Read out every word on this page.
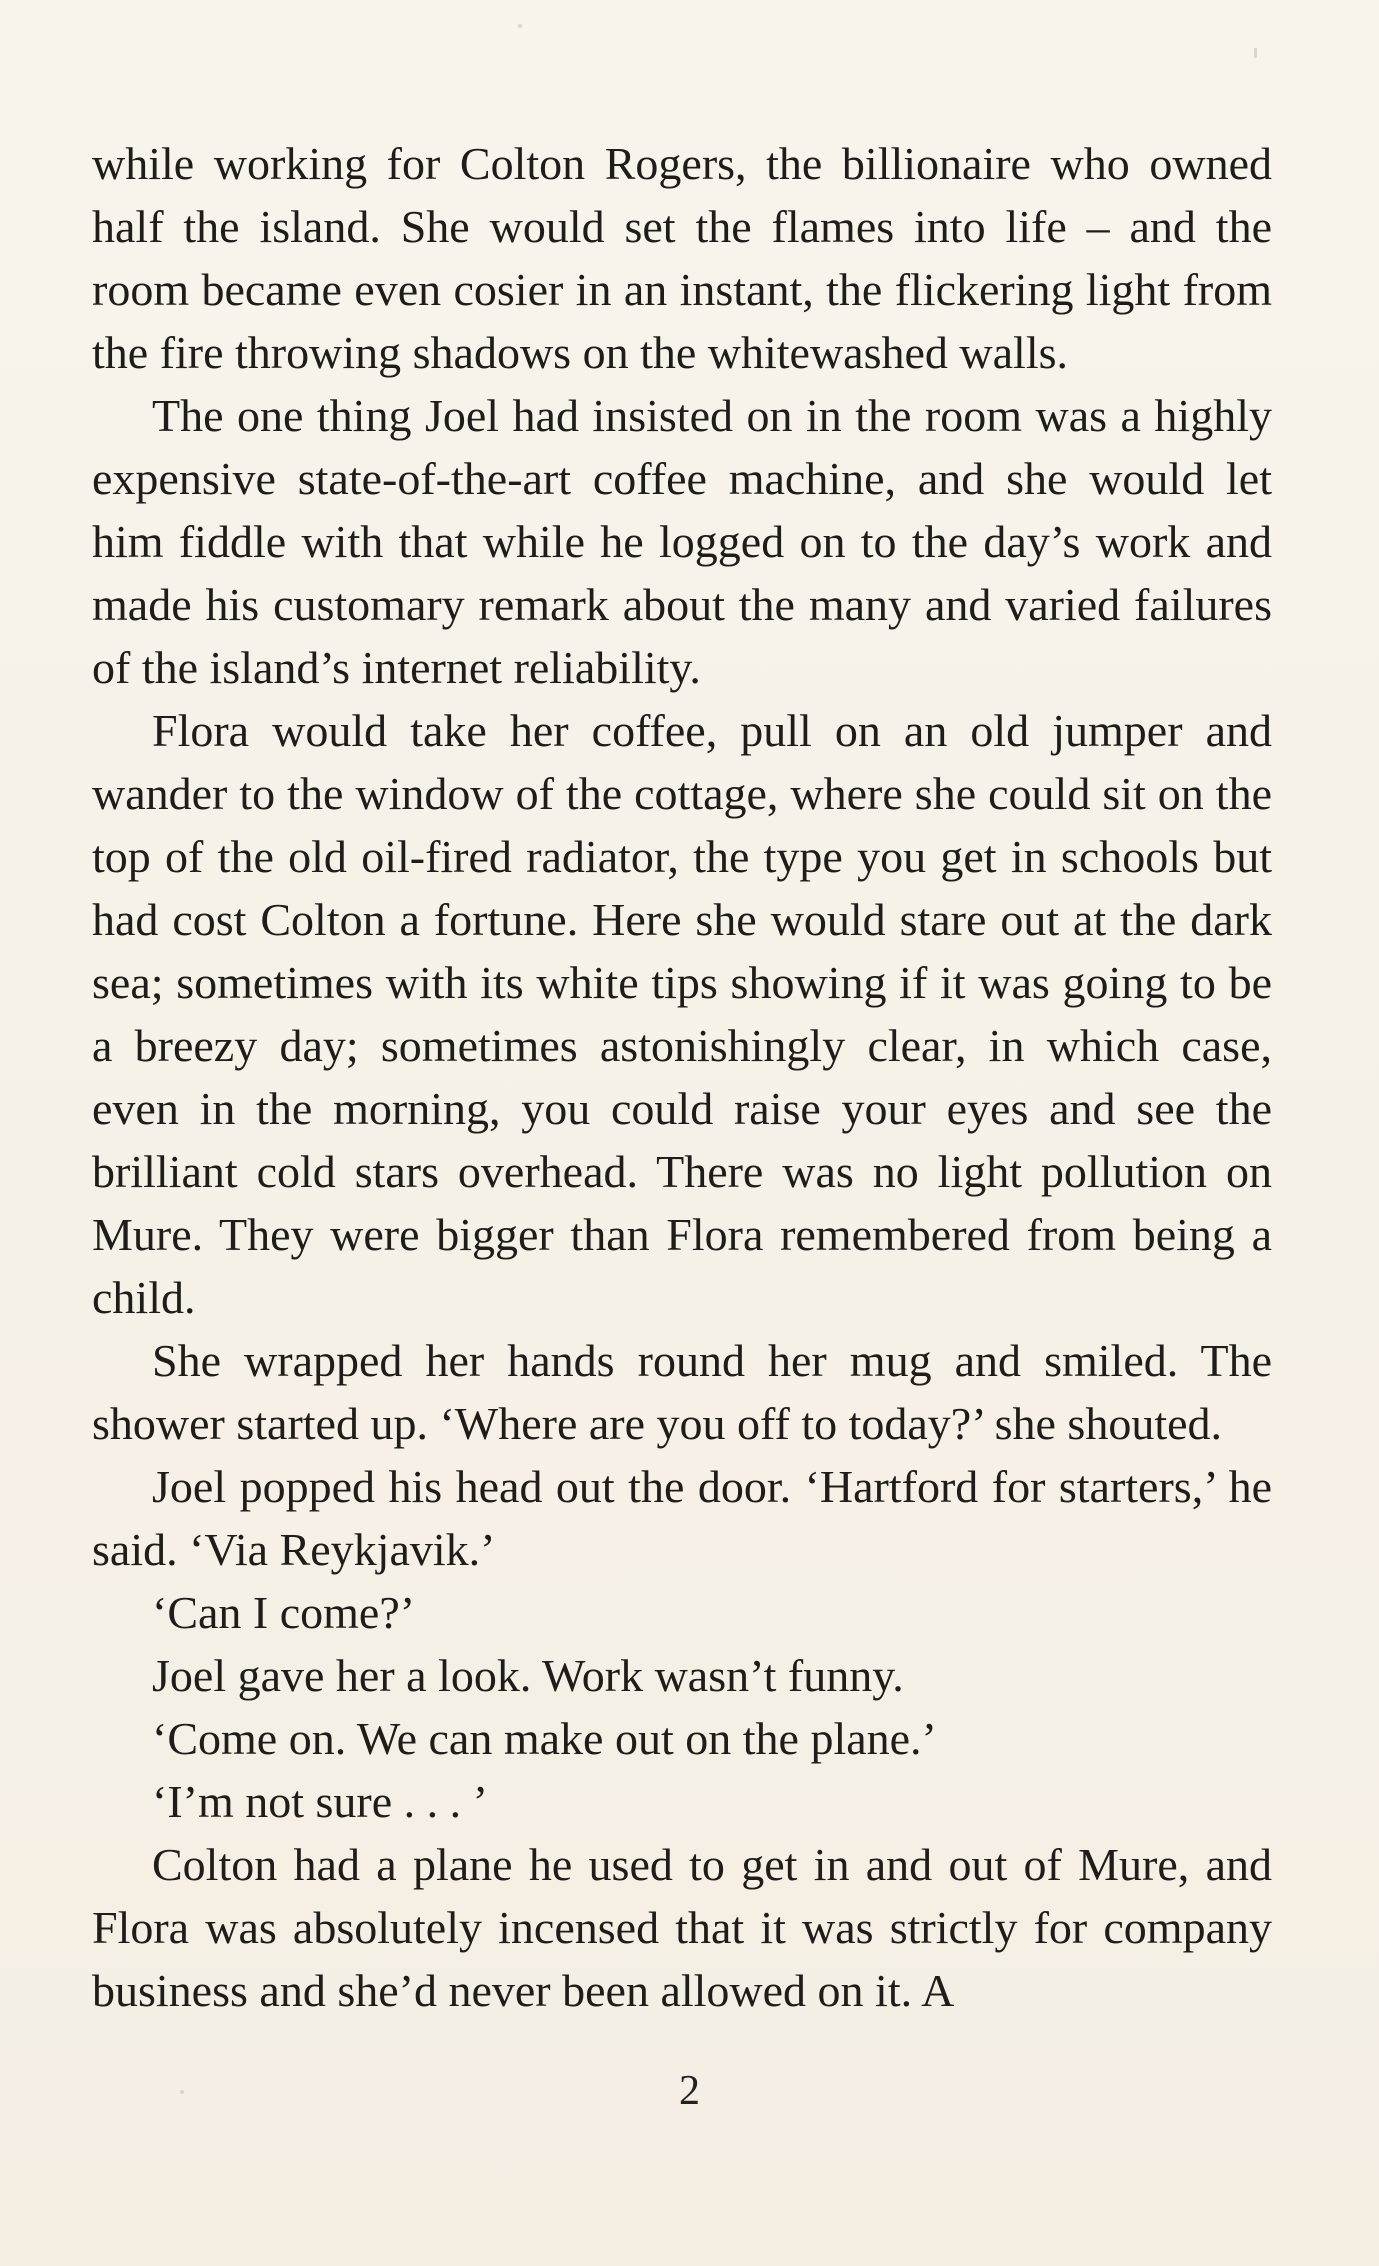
while working for Colton Rogers, the billionaire who owned half the island. She would set the flames into life – and the room became even cosier in an instant, the flickering light from the fire throwing shadows on the whitewashed walls.

The one thing Joel had insisted on in the room was a highly expensive state-of-the-art coffee machine, and she would let him fiddle with that while he logged on to the day’s work and made his customary remark about the many and varied failures of the island’s internet reliability.

Flora would take her coffee, pull on an old jumper and wander to the window of the cottage, where she could sit on the top of the old oil-fired radiator, the type you get in schools but had cost Colton a fortune. Here she would stare out at the dark sea; sometimes with its white tips showing if it was going to be a breezy day; sometimes astonishingly clear, in which case, even in the morning, you could raise your eyes and see the brilliant cold stars overhead. There was no light pollution on Mure. They were bigger than Flora remembered from being a child.

She wrapped her hands round her mug and smiled. The shower started up. ‘Where are you off to today?’ she shouted.

Joel popped his head out the door. ‘Hartford for starters,’ he said. ‘Via Reykjavik.’

‘Can I come?’

Joel gave her a look. Work wasn’t funny.

‘Come on. We can make out on the plane.’

‘I’m not sure . . . ’

Colton had a plane he used to get in and out of Mure, and Flora was absolutely incensed that it was strictly for company business and she’d never been allowed on it. A

2
